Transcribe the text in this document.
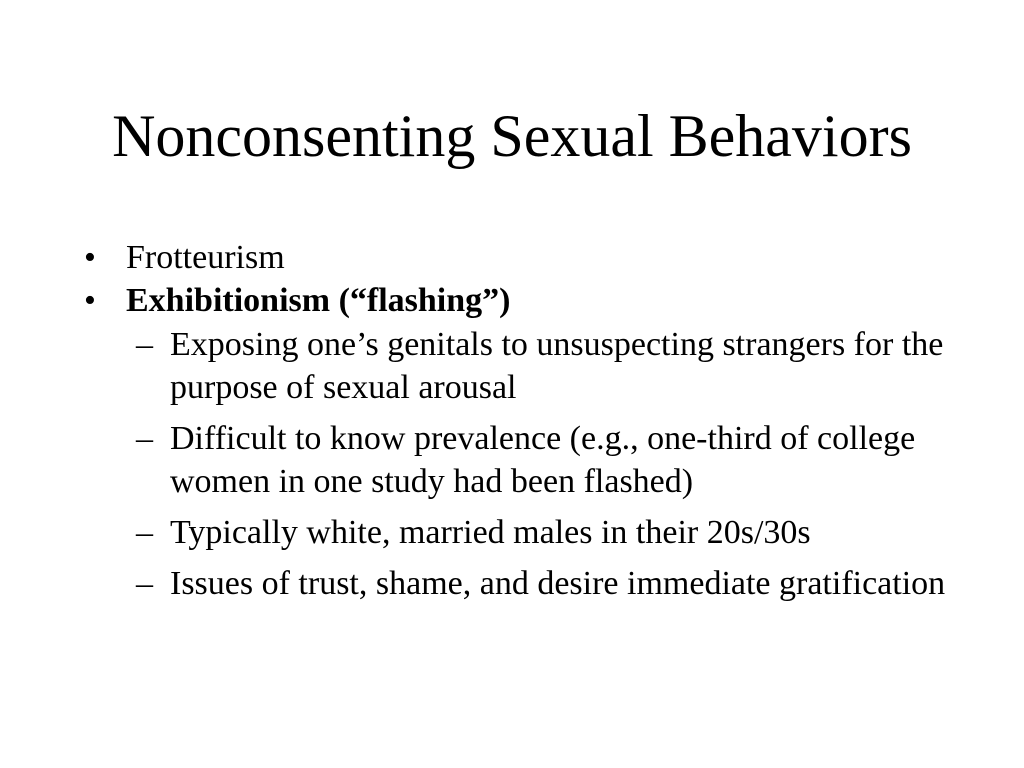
Nonconsenting Sexual Behaviors
• Frotteurism
• Exhibitionism (“flashing”)
– Exposing one’s genitals to unsuspecting strangers for the purpose of sexual arousal
– Difficult to know prevalence (e.g., one-third of college women in one study had been flashed)
– Typically white, married males in their 20s/30s
– Issues of trust, shame, and desire immediate gratification
